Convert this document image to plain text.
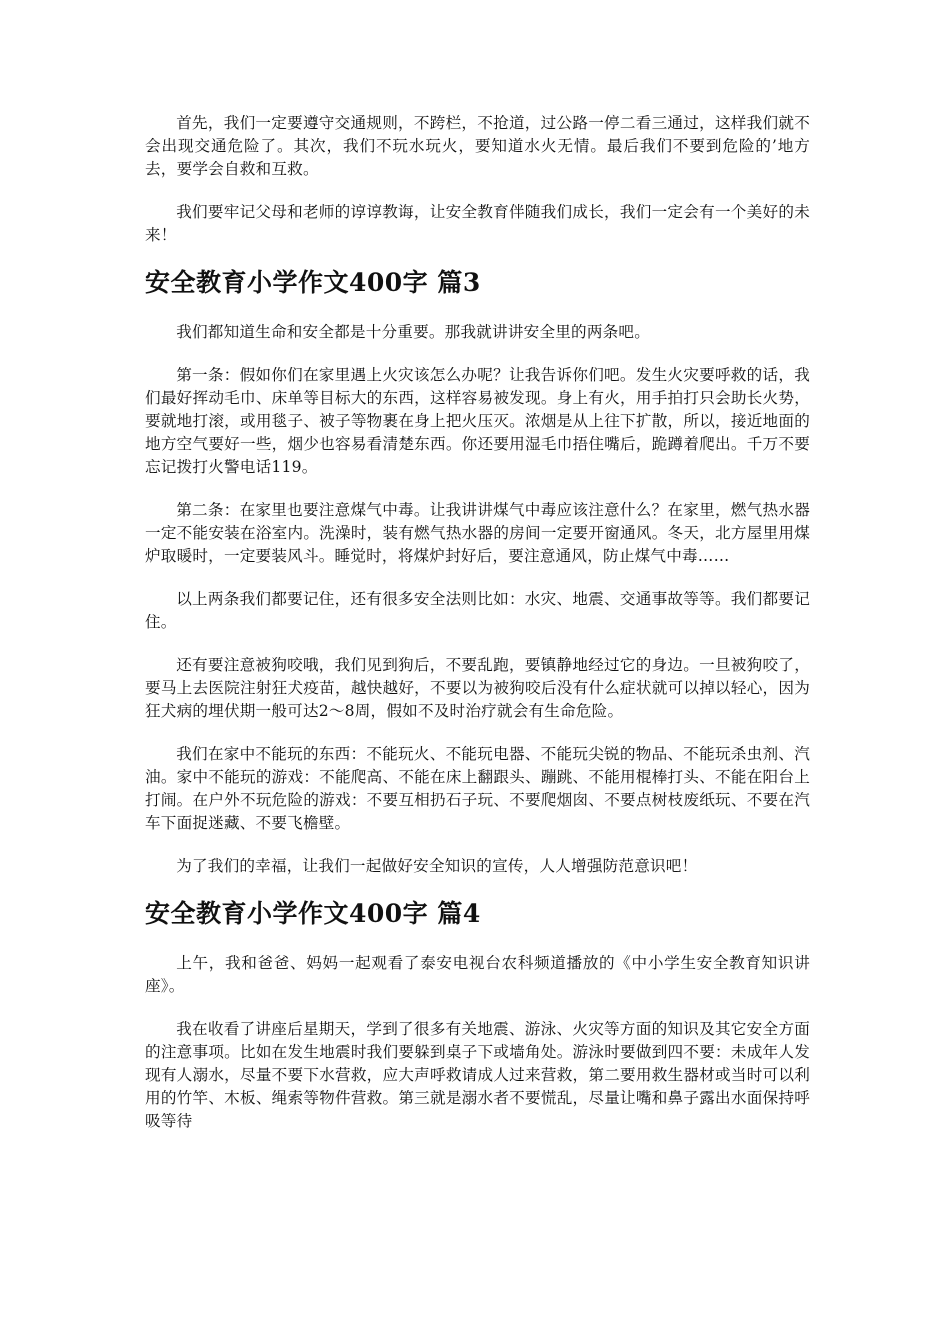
首先，我们一定要遵守交通规则，不跨栏，不抢道，过公路一停二看三通过，这样我们就不会出现交通危险了。其次，我们不玩水玩火，要知道水火无情。最后我们不要到危险的’地方去，要学会自救和互救。

我们要牢记父母和老师的谆谆教诲，让安全教育伴随我们成长，我们一定会有一个美好的未来！

安全教育小学作文400字 篇3

我们都知道生命和安全都是十分重要。那我就讲讲安全里的两条吧。

第一条：假如你们在家里遇上火灾该怎么办呢？让我告诉你们吧。发生火灾要呼救的话，我们最好挥动毛巾、床单等目标大的东西，这样容易被发现。身上有火，用手拍打只会助长火势，要就地打滚，或用毯子、被子等物裹在身上把火压灭。浓烟是从上往下扩散，所以，接近地面的地方空气要好一些，烟少也容易看清楚东西。你还要用湿毛巾捂住嘴后，跪蹲着爬出。千万不要忘记拨打火警电话119。

第二条：在家里也要注意煤气中毒。让我讲讲煤气中毒应该注意什么？在家里，燃气热水器一定不能安装在浴室内。洗澡时，装有燃气热水器的房间一定要开窗通风。冬天，北方屋里用煤炉取暖时，一定要装风斗。睡觉时，将煤炉封好后，要注意通风，防止煤气中毒……

以上两条我们都要记住，还有很多安全法则比如：水灾、地震、交通事故等等。我们都要记住。

还有要注意被狗咬哦，我们见到狗后，不要乱跑，要镇静地经过它的身边。一旦被狗咬了，要马上去医院注射狂犬疫苗，越快越好，不要以为被狗咬后没有什么症状就可以掉以轻心，因为狂犬病的埋伏期一般可达2～8周，假如不及时治疗就会有生命危险。

我们在家中不能玩的东西：不能玩火、不能玩电器、不能玩尖锐的物品、不能玩杀虫剂、汽油。家中不能玩的游戏：不能爬高、不能在床上翻跟头、蹦跳、不能用棍棒打头、不能在阳台上打闹。在户外不玩危险的游戏：不要互相扔石子玩、不要爬烟囱、不要点树枝废纸玩、不要在汽车下面捉迷藏、不要飞檐壁。

为了我们的幸福，让我们一起做好安全知识的宣传，人人增强防范意识吧！

安全教育小学作文400字 篇4

上午，我和爸爸、妈妈一起观看了泰安电视台农科频道播放的《中小学生安全教育知识讲座》。

我在收看了讲座后星期天，学到了很多有关地震、游泳、火灾等方面的知识及其它安全方面的注意事项。比如在发生地震时我们要躲到桌子下或墙角处。游泳时要做到四不要：未成年人发现有人溺水，尽量不要下水营救，应大声呼救请成人过来营救，第二要用救生器材或当时可以利用的竹竿、木板、绳索等物件营救。第三就是溺水者不要慌乱，尽量让嘴和鼻子露出水面保持呼吸等待
